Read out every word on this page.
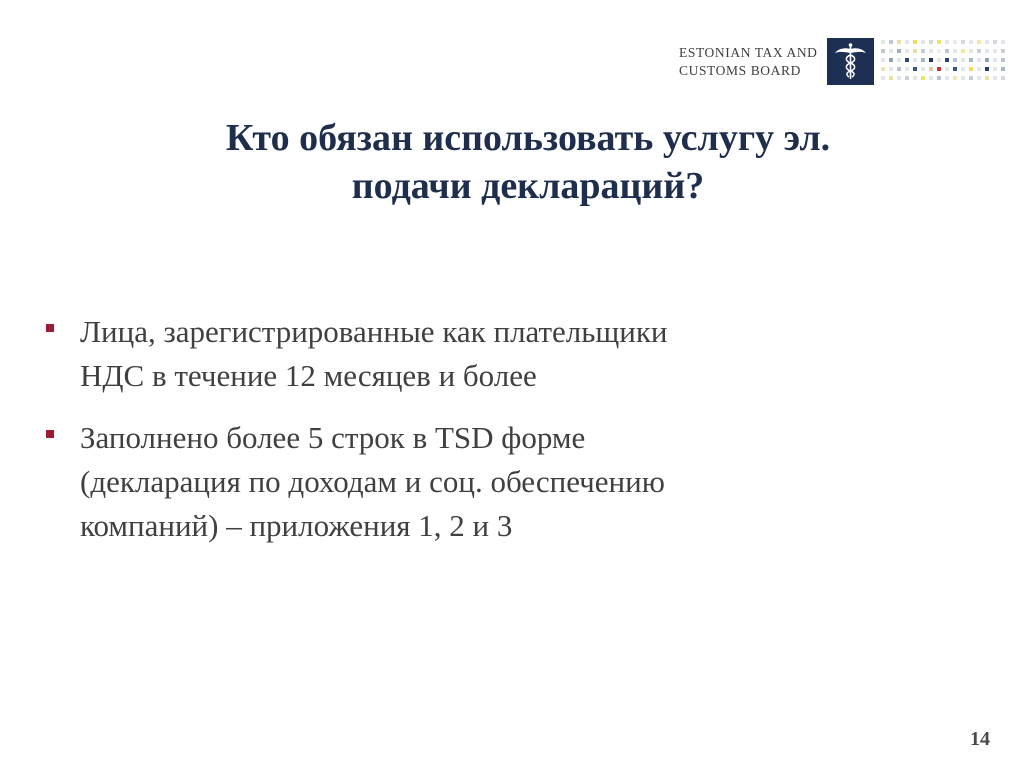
ESTONIAN TAX AND
CUSTOMS BOARD
Кто обязан использовать услугу эл.
подачи деклараций?
Лица, зарегистрированные как плательщики
НДС в течение 12 месяцев и более
Заполнено более 5 строк в TSD форме
(декларация по доходам и соц. обеспечению
компаний) – приложения 1, 2 и 3
14
